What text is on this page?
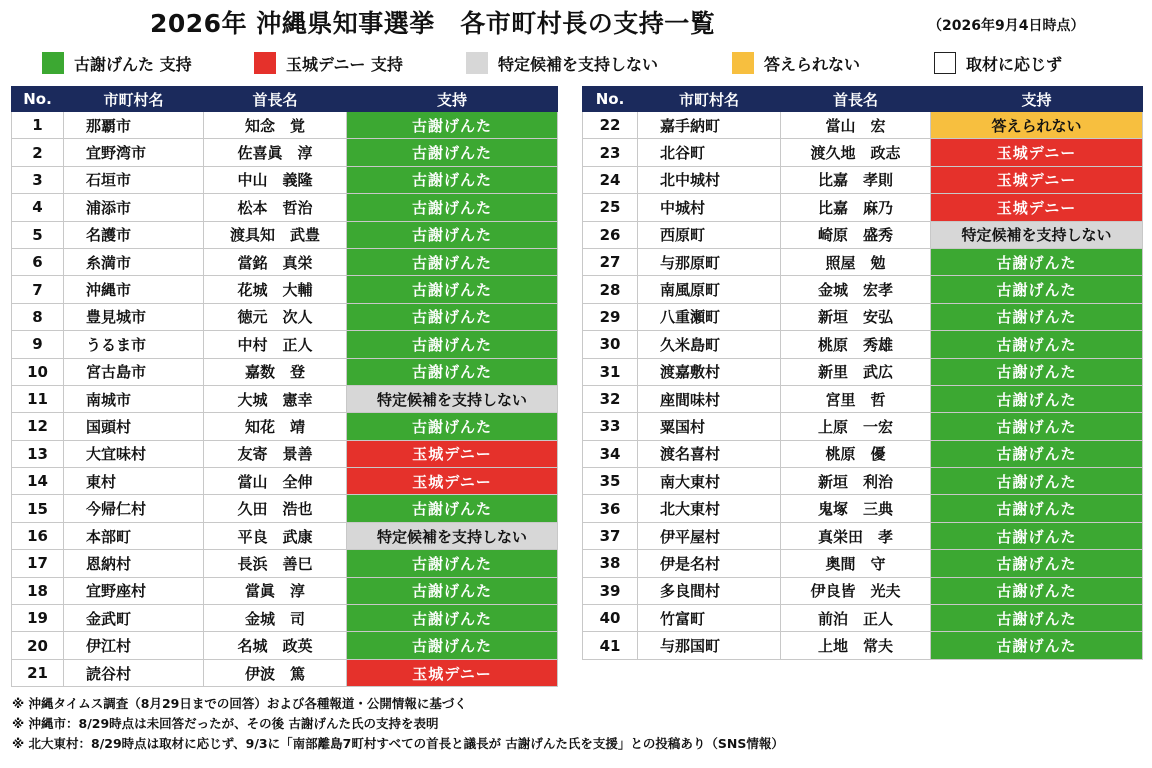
2026年 沖縄県知事選挙　各市町村長の支持一覧	（2026年9月4日時点）
古謝げんた 支持	玉城デニー 支持	特定候補を支持しない	答えられない	取材に応じず
No.	市町村名	首長名	支持
1	那覇市	知念　覚	古謝げんた
2	宜野湾市	佐喜眞　淳	古謝げんた
3	石垣市	中山　義隆	古謝げんた
4	浦添市	松本　哲治	古謝げんた
5	名護市	渡具知　武豊	古謝げんた
6	糸満市	當銘　真栄	古謝げんた
7	沖縄市	花城　大輔	古謝げんた
8	豊見城市	徳元　次人	古謝げんた
9	うるま市	中村　正人	古謝げんた
10	宮古島市	嘉数　登	古謝げんた
11	南城市	大城　憲幸	特定候補を支持しない
12	国頭村	知花　靖	古謝げんた
13	大宜味村	友寄　景善	玉城デニー
14	東村	當山　全伸	玉城デニー
15	今帰仁村	久田　浩也	古謝げんた
16	本部町	平良　武康	特定候補を支持しない
17	恩納村	長浜　善巳	古謝げんた
18	宜野座村	當眞　淳	古謝げんた
19	金武町	金城　司	古謝げんた
20	伊江村	名城　政英	古謝げんた
21	読谷村	伊波　篤	玉城デニー
No.	市町村名	首長名	支持
22	嘉手納町	當山　宏	答えられない
23	北谷町	渡久地　政志	玉城デニー
24	北中城村	比嘉　孝則	玉城デニー
25	中城村	比嘉　麻乃	玉城デニー
26	西原町	崎原　盛秀	特定候補を支持しない
27	与那原町	照屋　勉	古謝げんた
28	南風原町	金城　宏孝	古謝げんた
29	八重瀬町	新垣　安弘	古謝げんた
30	久米島町	桃原　秀雄	古謝げんた
31	渡嘉敷村	新里　武広	古謝げんた
32	座間味村	宮里　哲	古謝げんた
33	粟国村	上原　一宏	古謝げんた
34	渡名喜村	桃原　優	古謝げんた
35	南大東村	新垣　利治	古謝げんた
36	北大東村	鬼塚　三典	古謝げんた
37	伊平屋村	真栄田　孝	古謝げんた
38	伊是名村	奥間　守	古謝げんた
39	多良間村	伊良皆　光夫	古謝げんた
40	竹富町	前泊　正人	古謝げんた
41	与那国町	上地　常夫	古謝げんた
※ 沖縄タイムス調査（8月29日までの回答）および各種報道・公開情報に基づく
※ 沖縄市：8/29時点は未回答だったが、その後 古謝げんた氏の支持を表明
※ 北大東村：8/29時点は取材に応じず、9/3に「南部離島7町村すべての首長と議長が 古謝げんた氏を支援」との投稿あり（SNS情報）
